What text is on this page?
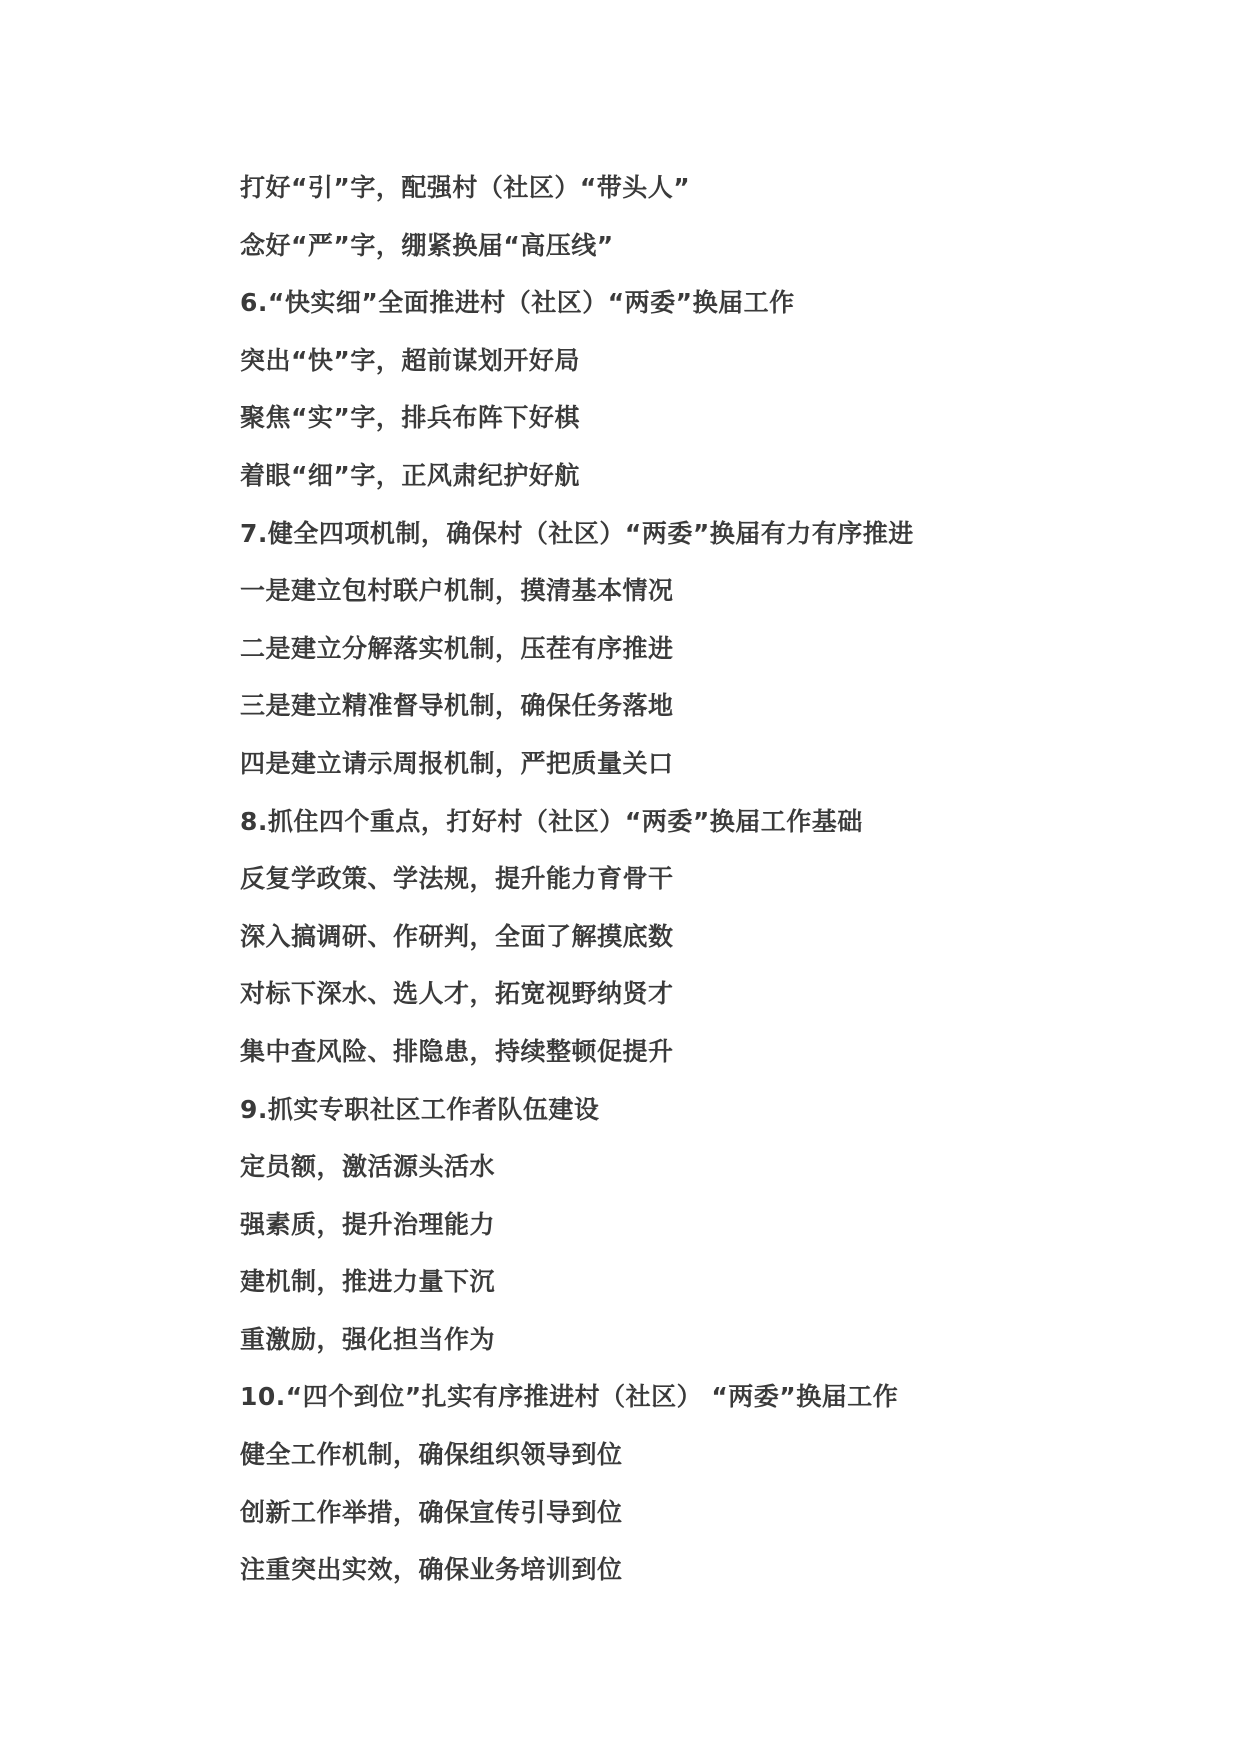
打好“引”字，配强村（社区）“带头人”
念好“严”字，绷紧换届“高压线”
6.“快实细”全面推进村（社区）“两委”换届工作
突出“快”字，超前谋划开好局
聚焦“实”字，排兵布阵下好棋
着眼“细”字，正风肃纪护好航
7.健全四项机制，确保村（社区）“两委”换届有力有序推进
一是建立包村联户机制，摸清基本情况
二是建立分解落实机制，压茬有序推进
三是建立精准督导机制，确保任务落地
四是建立请示周报机制，严把质量关口
8.抓住四个重点，打好村（社区）“两委”换届工作基础
反复学政策、学法规，提升能力育骨干
深入搞调研、作研判，全面了解摸底数
对标下深水、选人才，拓宽视野纳贤才
集中查风险、排隐患，持续整顿促提升
9.抓实专职社区工作者队伍建设
定员额，激活源头活水
强素质，提升治理能力
建机制，推进力量下沉
重激励，强化担当作为
10.“四个到位”扎实有序推进村（社区） “两委”换届工作
健全工作机制，确保组织领导到位
创新工作举措，确保宣传引导到位
注重突出实效，确保业务培训到位
